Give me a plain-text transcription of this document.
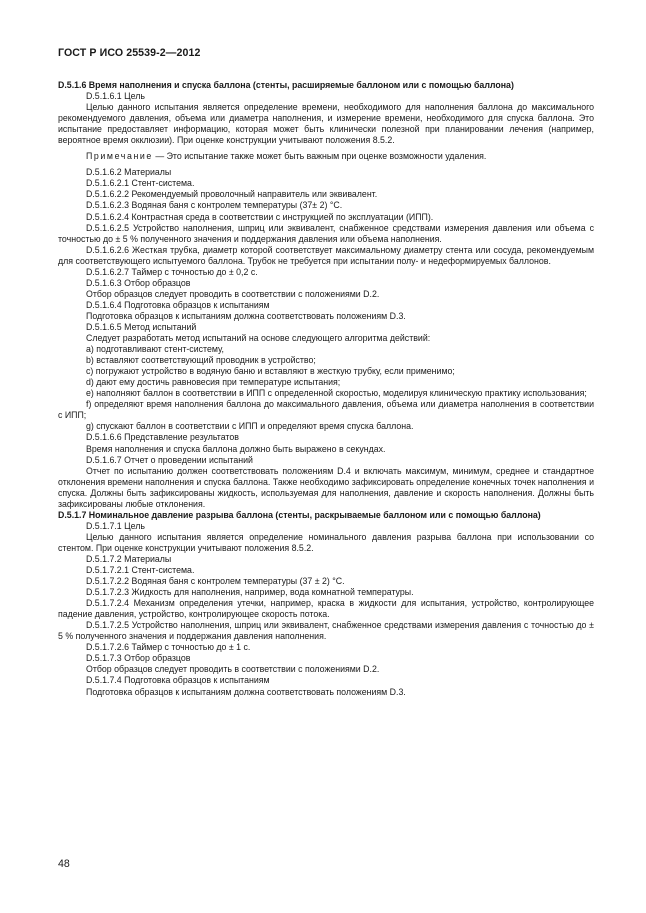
ГОСТ Р ИСО 25539-2—2012

D.5.1.6 Время наполнения и спуска баллона (стенты, расширяемые баллоном или с помощью баллона)

D.5.1.6.1 Цель

Целью данного испытания является определение времени, необходимого для наполнения баллона до максимального рекомендуемого давления, объема или диаметра наполнения, и измерение времени, необходимого для спуска баллона. Это испытание предоставляет информацию, которая может быть клинически полезной при планировании лечения (например, вероятное время окклюзии). При оценке конструкции учитывают положения 8.5.2.

Примечание — Это испытание также может быть важным при оценке возможности удаления.

D.5.1.6.2 Материалы

D.5.1.6.2.1 Стент-система.

D.5.1.6.2.2 Рекомендуемый проволочный направитель или эквивалент.

D.5.1.6.2.3 Водяная баня с контролем температуры (37± 2) °С.

D.5.1.6.2.4 Контрастная среда в соответствии с инструкцией по эксплуатации (ИПП).

D.5.1.6.2.5 Устройство наполнения, шприц или эквивалент, снабженное средствами измерения давления или объема с точностью до ± 5 % полученного значения и поддержания давления или объема наполнения.

D.5.1.6.2.6 Жесткая трубка, диаметр которой соответствует максимальному диаметру стента или сосуда, рекомендуемым для соответствующего испытуемого баллона. Трубок не требуется при испытании полу- и недеформируемых баллонов.

D.5.1.6.2.7 Таймер с точностью до ± 0,2 с.

D.5.1.6.3 Отбор образцов

Отбор образцов следует проводить в соответствии с положениями D.2.

D.5.1.6.4 Подготовка образцов к испытаниям

Подготовка образцов к испытаниям должна соответствовать положениям D.3.

D.5.1.6.5 Метод испытаний

Следует разработать метод испытаний на основе следующего алгоритма действий:

а) подготавливают стент-систему,

b) вставляют соответствующий проводник в устройство;

с) погружают устройство в водяную баню и вставляют в жесткую трубку, если применимо;

d) дают ему достичь равновесия при температуре испытания;

е) наполняют баллон в соответствии в ИПП с определенной скоростью, моделируя клиническую практику использования;

f) определяют время наполнения баллона до максимального давления, объема или диаметра наполнения в соответствии с ИПП;

g) спускают баллон в соответствии с ИПП и определяют время спуска баллона.

D.5.1.6.6 Представление результатов

Время наполнения и спуска баллона должно быть выражено в секундах.

D.5.1.6.7 Отчет о проведении испытаний

Отчет по испытанию должен соответствовать положениям D.4 и включать максимум, минимум, среднее и стандартное отклонения времени наполнения и спуска баллона. Также необходимо зафиксировать определение конечных точек наполнения и спуска. Должны быть зафиксированы жидкость, используемая для наполнения, давление и скорость наполнения. Должны быть зафиксированы любые отклонения.

D.5.1.7 Номинальное давление разрыва баллона (стенты, раскрываемые баллоном или с помощью баллона)

D.5.1.7.1 Цель

Целью данного испытания является определение номинального давления разрыва баллона при использовании со стентом. При оценке конструкции учитывают положения 8.5.2.

D.5.1.7.2 Материалы

D.5.1.7.2.1 Стент-система.

D.5.1.7.2.2 Водяная баня с контролем температуры (37 ± 2) °С.

D.5.1.7.2.3 Жидкость для наполнения, например, вода комнатной температуры.

D.5.1.7.2.4 Механизм определения утечки, например, краска в жидкости для испытания, устройство, контролирующее падение давления, устройство, контролирующее скорость потока.

D.5.1.7.2.5 Устройство наполнения, шприц или эквивалент, снабженное средствами измерения давления с точностью до ± 5 % полученного значения и поддержания давления наполнения.

D.5.1.7.2.6 Таймер с точностью до ± 1 с.

D.5.1.7.3 Отбор образцов

Отбор образцов следует проводить в соответствии с положениями D.2.

D.5.1.7.4 Подготовка образцов к испытаниям

Подготовка образцов к испытаниям должна соответствовать положениям D.3.

48
